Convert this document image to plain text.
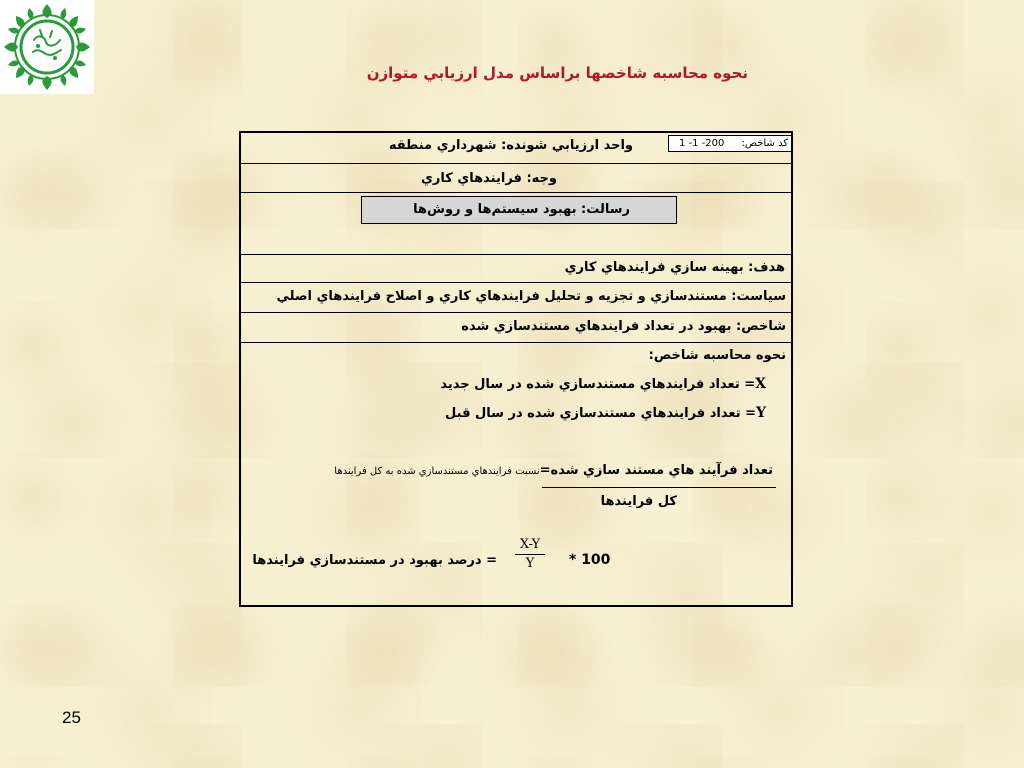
نحوه محاسبه شاخصها براساس مدل ارزيابي متوازن
کد شاخص:
1 -1 -200
واحد ارزيابي شونده: شهرداري منطقه
وجه: فرايندهاي کاري
رسالت: بهبود سيستم‌ها و روش‌ها
هدف: بهينه سازي فرايندهاي کاري
سياست: مستندسازي و تجزيه و تحليل فرايندهاي کاري و اصلاح فرايندهاي اصلي
شاخص: بهبود در تعداد فرايندهاي مستندسازي شده
نحوه محاسبه شاخص:
X= تعداد فرايندهاي مستندسازي شده در سال جديد
Y= تعداد فرايندهاي مستندسازي شده در سال قبل
تعداد فرآيند هاي مستند سازي شده=نسبت فرايندهاي مستندسازي شده به کل فرايندها
کل فرايندها
X-Y
Y	* 100
= درصد بهبود در مستندسازي فرايندها
25
